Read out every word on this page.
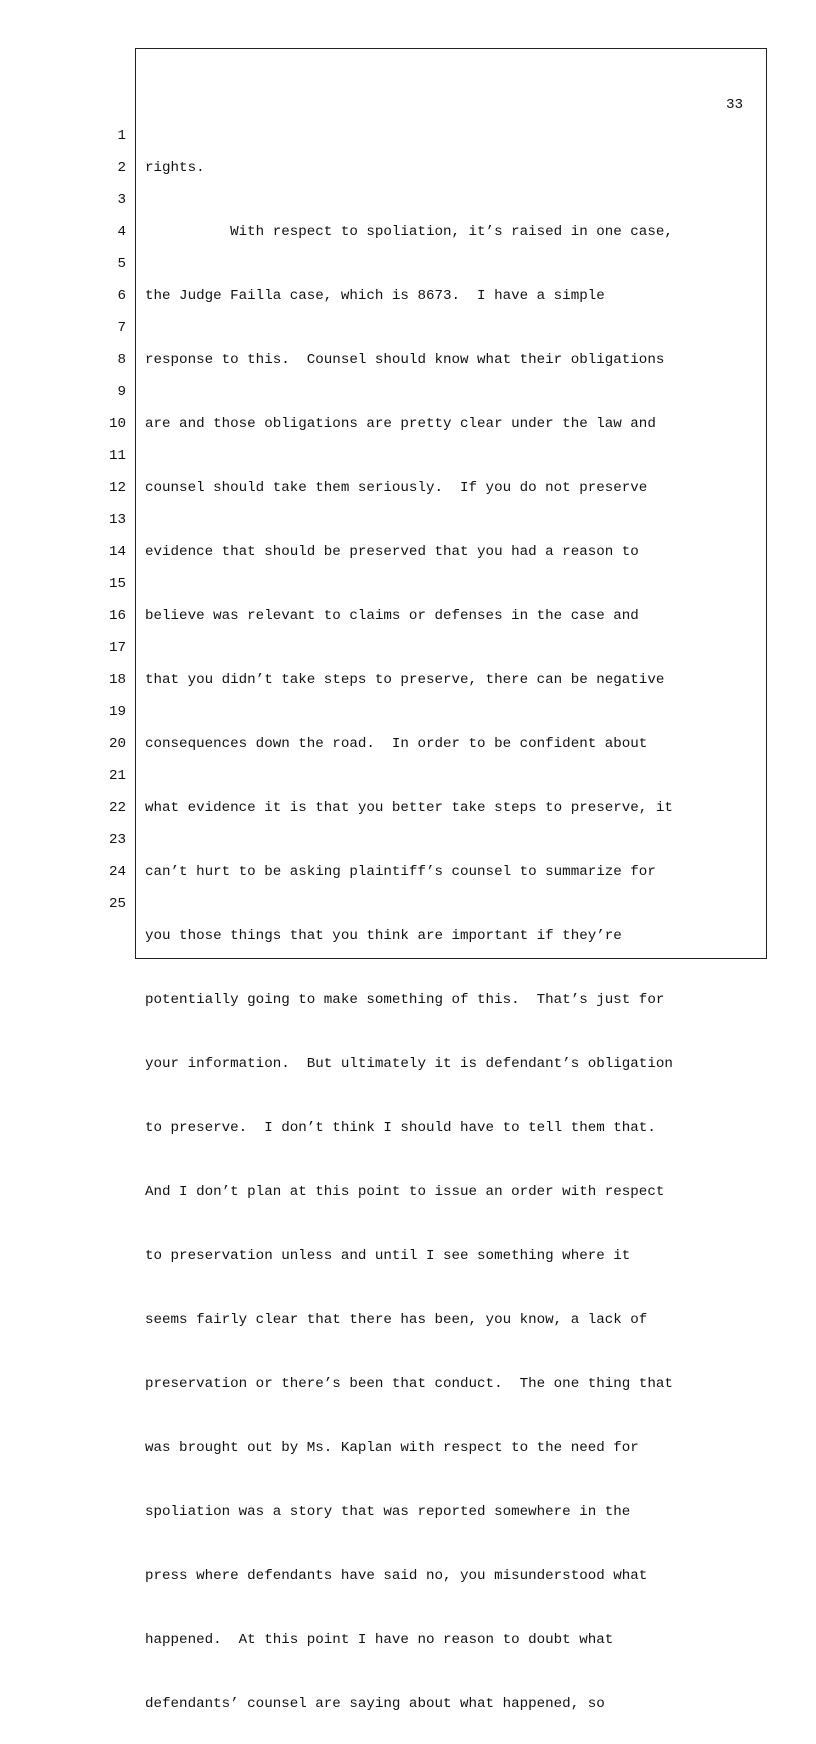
33
1
2
3
4
5
6
7
8
9
10
11
12
13
14
15
16
17
18
19
20
21
22
23
24
25

rights.

With respect to spoliation, it’s raised in one case,

the Judge Failla case, which is 8673.  I have a simple

response to this.  Counsel should know what their obligations

are and those obligations are pretty clear under the law and

counsel should take them seriously.  If you do not preserve

evidence that should be preserved that you had a reason to

believe was relevant to claims or defenses in the case and

that you didn’t take steps to preserve, there can be negative

consequences down the road.  In order to be confident about

what evidence it is that you better take steps to preserve, it

can’t hurt to be asking plaintiff’s counsel to summarize for

you those things that you think are important if they’re

potentially going to make something of this.  That’s just for

your information.  But ultimately it is defendant’s obligation

to preserve.  I don’t think I should have to tell them that.

And I don’t plan at this point to issue an order with respect

to preservation unless and until I see something where it

seems fairly clear that there has been, you know, a lack of

preservation or there’s been that conduct.  The one thing that

was brought out by Ms. Kaplan with respect to the need for

spoliation was a story that was reported somewhere in the

press where defendants have said no, you misunderstood what

happened.  At this point I have no reason to doubt what

defendants’ counsel are saying about what happened, so
